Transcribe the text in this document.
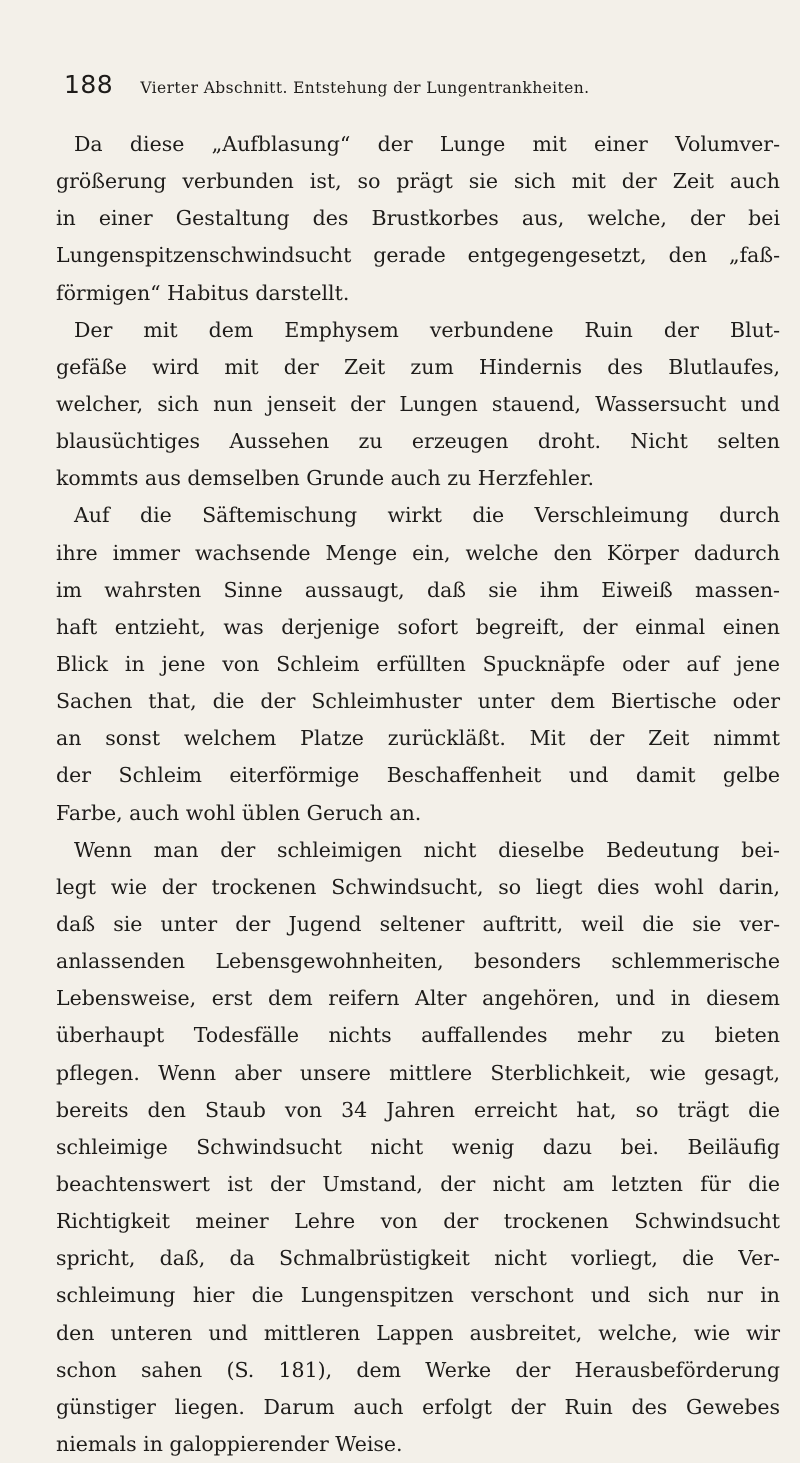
188 Vierter Abschnitt. Entstehung der Lungentrankheiten.
Da diese „Aufblasung“ der Lunge mit einer Volumver-
größerung verbunden ist, so prägt sie sich mit der Zeit auch
in einer Gestaltung des Brustkorbes aus, welche, der bei
Lungenspitzenschwindsucht gerade entgegengesetzt, den „faß-
förmigen“ Habitus darstellt.
Der mit dem Emphysem verbundene Ruin der Blut-
gefäße wird mit der Zeit zum Hindernis des Blutlaufes,
welcher, sich nun jenseit der Lungen stauend, Wassersucht und
blausüchtiges Aussehen zu erzeugen droht. Nicht selten
kommts aus demselben Grunde auch zu Herzfehler.
Auf die Säftemischung wirkt die Verschleimung durch
ihre immer wachsende Menge ein, welche den Körper dadurch
im wahrsten Sinne aussaugt, daß sie ihm Eiweiß massen-
haft entzieht, was derjenige sofort begreift, der einmal einen
Blick in jene von Schleim erfüllten Spucknäpfe oder auf jene
Sachen that, die der Schleimhuster unter dem Biertische oder
an sonst welchem Platze zurückläßt. Mit der Zeit nimmt
der Schleim eiterförmige Beschaffenheit und damit gelbe
Farbe, auch wohl üblen Geruch an.
Wenn man der schleimigen nicht dieselbe Bedeutung bei-
legt wie der trockenen Schwindsucht, so liegt dies wohl darin,
daß sie unter der Jugend seltener auftritt, weil die sie ver-
anlassenden Lebensgewohnheiten, besonders schlemmerische
Lebensweise, erst dem reifern Alter angehören, und in diesem
überhaupt Todesfälle nichts auffallendes mehr zu bieten
pflegen. Wenn aber unsere mittlere Sterblichkeit, wie gesagt,
bereits den Staub von 34 Jahren erreicht hat, so trägt die
schleimige Schwindsucht nicht wenig dazu bei. Beiläufig
beachtenswert ist der Umstand, der nicht am letzten für die
Richtigkeit meiner Lehre von der trockenen Schwindsucht
spricht, daß, da Schmalbrüstigkeit nicht vorliegt, die Ver-
schleimung hier die Lungenspitzen verschont und sich nur in
den unteren und mittleren Lappen ausbreitet, welche, wie wir
schon sahen (S. 181), dem Werke der Herausbeförderung
günstiger liegen. Darum auch erfolgt der Ruin des Gewebes
niemals in galoppierender Weise.
